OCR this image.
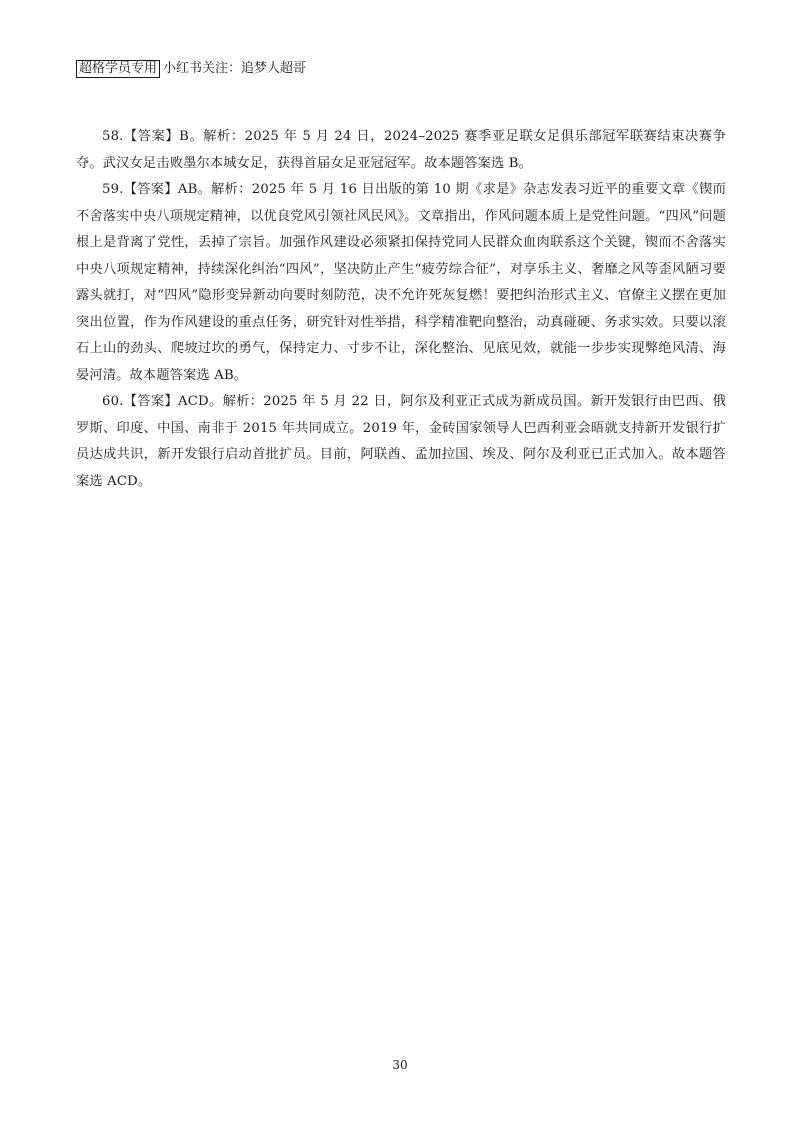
超格学员专用 小红书关注：追梦人超哥

58.【答案】B。解析：2025 年 5 月 24 日，2024–2025 赛季亚足联女足俱乐部冠军联赛结束决赛争夺。武汉女足击败墨尔本城女足，获得首届女足亚冠冠军。故本题答案选 B。

59.【答案】AB。解析：2025 年 5 月 16 日出版的第 10 期《求是》杂志发表习近平的重要文章《锲而不舍落实中央八项规定精神，以优良党风引领社风民风》。文章指出，作风问题本质上是党性问题。“四风”问题根上是背离了党性，丢掉了宗旨。加强作风建设必须紧扣保持党同人民群众血肉联系这个关键，锲而不舍落实中央八项规定精神，持续深化纠治“四风”，坚决防止产生“疲劳综合征”，对享乐主义、奢靡之风等歪风陋习要露头就打，对“四风”隐形变异新动向要时刻防范，决不允许死灰复燃！要把纠治形式主义、官僚主义摆在更加突出位置，作为作风建设的重点任务，研究针对性举措，科学精准靶向整治，动真碰硬、务求实效。只要以滚石上山的劲头、爬坡过坎的勇气，保持定力、寸步不让，深化整治、见底见效，就能一步步实现弊绝风清、海晏河清。故本题答案选 AB。

60.【答案】ACD。解析：2025 年 5 月 22 日，阿尔及利亚正式成为新成员国。新开发银行由巴西、俄罗斯、印度、中国、南非于 2015 年共同成立。2019 年，金砖国家领导人巴西利亚会晤就支持新开发银行扩员达成共识，新开发银行启动首批扩员。目前，阿联酋、孟加拉国、埃及、阿尔及利亚已正式加入。故本题答案选 ACD。

30
